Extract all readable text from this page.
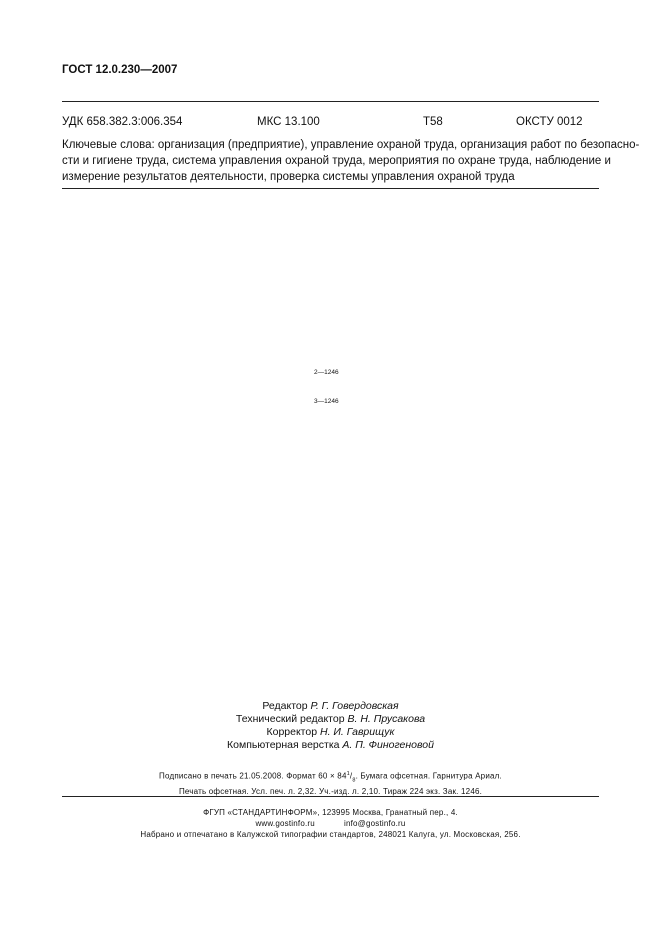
ГОСТ 12.0.230—2007
УДК 658.382.3:006.354	МКС 13.100	Т58	ОКСТУ 0012
Ключевые слова: организация (предприятие), управление охраной труда, организация работ по безопасно-
сти и гигиене труда, система управления охраной труда, мероприятия по охране труда, наблюдение и
измерение результатов деятельности, проверка системы управления охраной труда
2—1246
3—1246
Редактор Р. Г. Говердовская
Технический редактор В. Н. Прусакова
Корректор Н. И. Гаврищук
Компьютерная верстка А. П. Финогеновой
Подписано в печать 21.05.2008. Формат $60 \times 84^1/_8$. Бумага офсетная. Гарнитура Ариал.
Печать офсетная. Усл. печ. л. 2,32. Уч.-изд. л. 2,10. Тираж 224 экз. Зак. 1246.
ФГУП «СТАНДАРТИНФОРМ», 123995 Москва, Гранатный пер., 4.
www.gostinfo.ru	info@gostinfo.ru
Набрано и отпечатано в Калужской типографии стандартов, 248021 Калуга, ул. Московская, 256.
